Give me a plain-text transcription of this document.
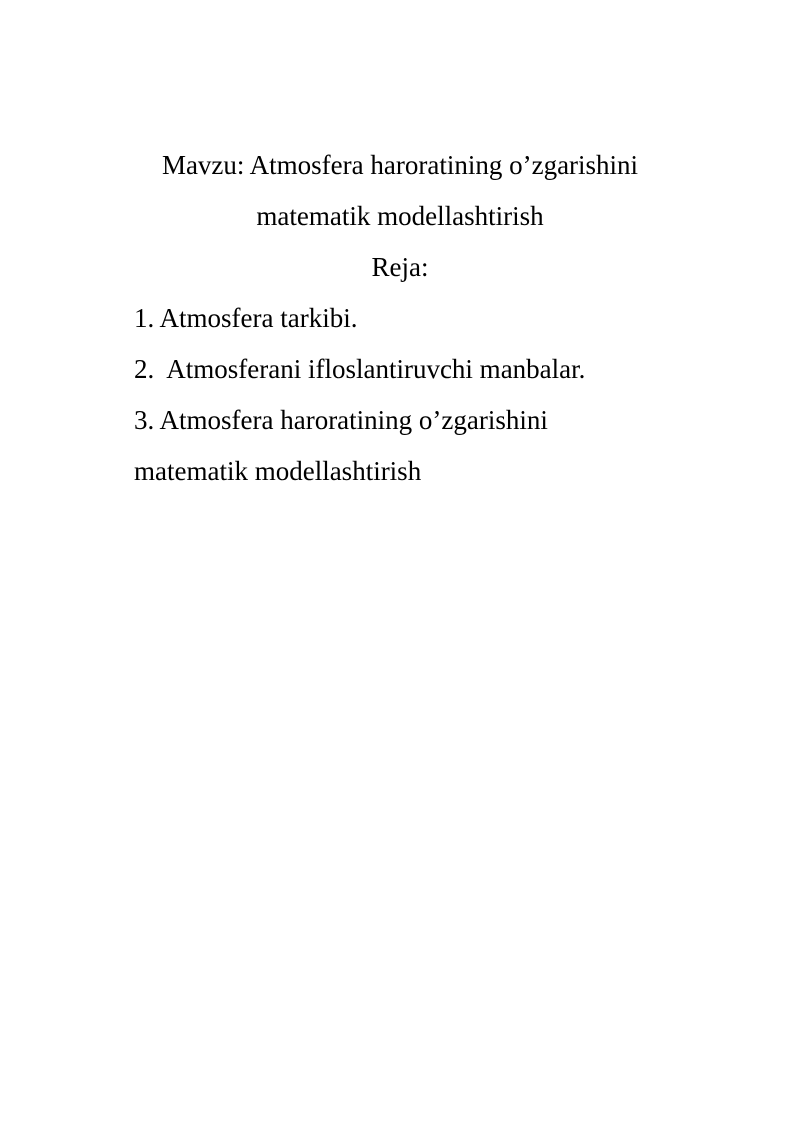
Mavzu: Atmosfera haroratining o’zgarishini
matematik modellashtirish
Reja:
1. Atmosfera tarkibi.
2.  Atmosferani ifloslantiruvchi manbalar.
3. Atmosfera haroratining o’zgarishini
matematik modellashtirish
